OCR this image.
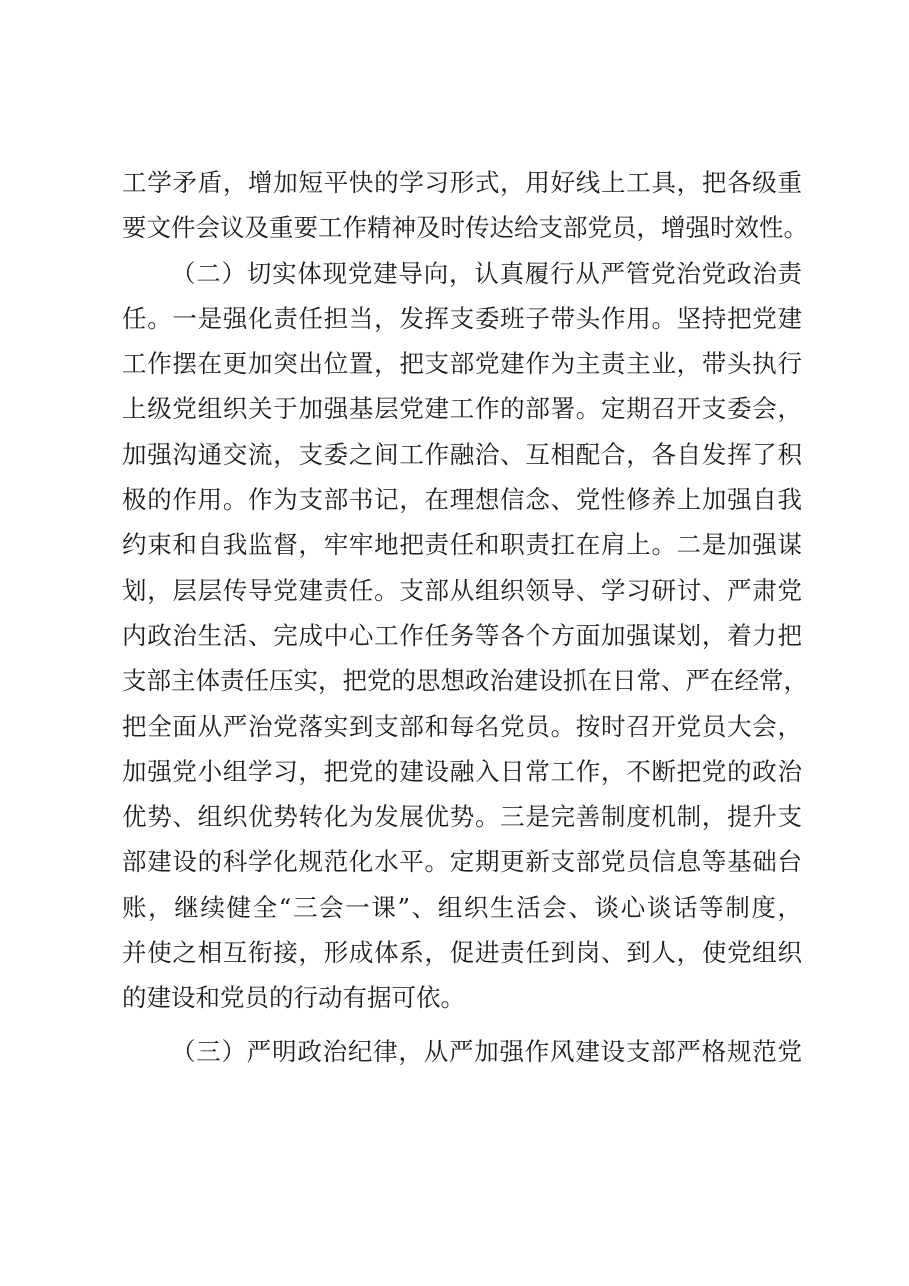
工学矛盾，增加短平快的学习形式，用好线上工具，把各级重
要文件会议及重要工作精神及时传达给支部党员，增强时效性。
（二）切实体现党建导向，认真履行从严管党治党政治责
任。一是强化责任担当，发挥支委班子带头作用。坚持把党建
工作摆在更加突出位置，把支部党建作为主责主业，带头执行
上级党组织关于加强基层党建工作的部署。定期召开支委会，
加强沟通交流，支委之间工作融洽、互相配合，各自发挥了积
极的作用。作为支部书记，在理想信念、党性修养上加强自我
约束和自我监督，牢牢地把责任和职责扛在肩上。二是加强谋
划，层层传导党建责任。支部从组织领导、学习研讨、严肃党
内政治生活、完成中心工作任务等各个方面加强谋划，着力把
支部主体责任压实，把党的思想政治建设抓在日常、严在经常，
把全面从严治党落实到支部和每名党员。按时召开党员大会，
加强党小组学习，把党的建设融入日常工作，不断把党的政治
优势、组织优势转化为发展优势。三是完善制度机制，提升支
部建设的科学化规范化水平。定期更新支部党员信息等基础台
账，继续健全“三会一课”、组织生活会、谈心谈话等制度，
并使之相互衔接，形成体系，促进责任到岗、到人，使党组织
的建设和党员的行动有据可依。
（三）严明政治纪律，从严加强作风建设支部严格规范党
